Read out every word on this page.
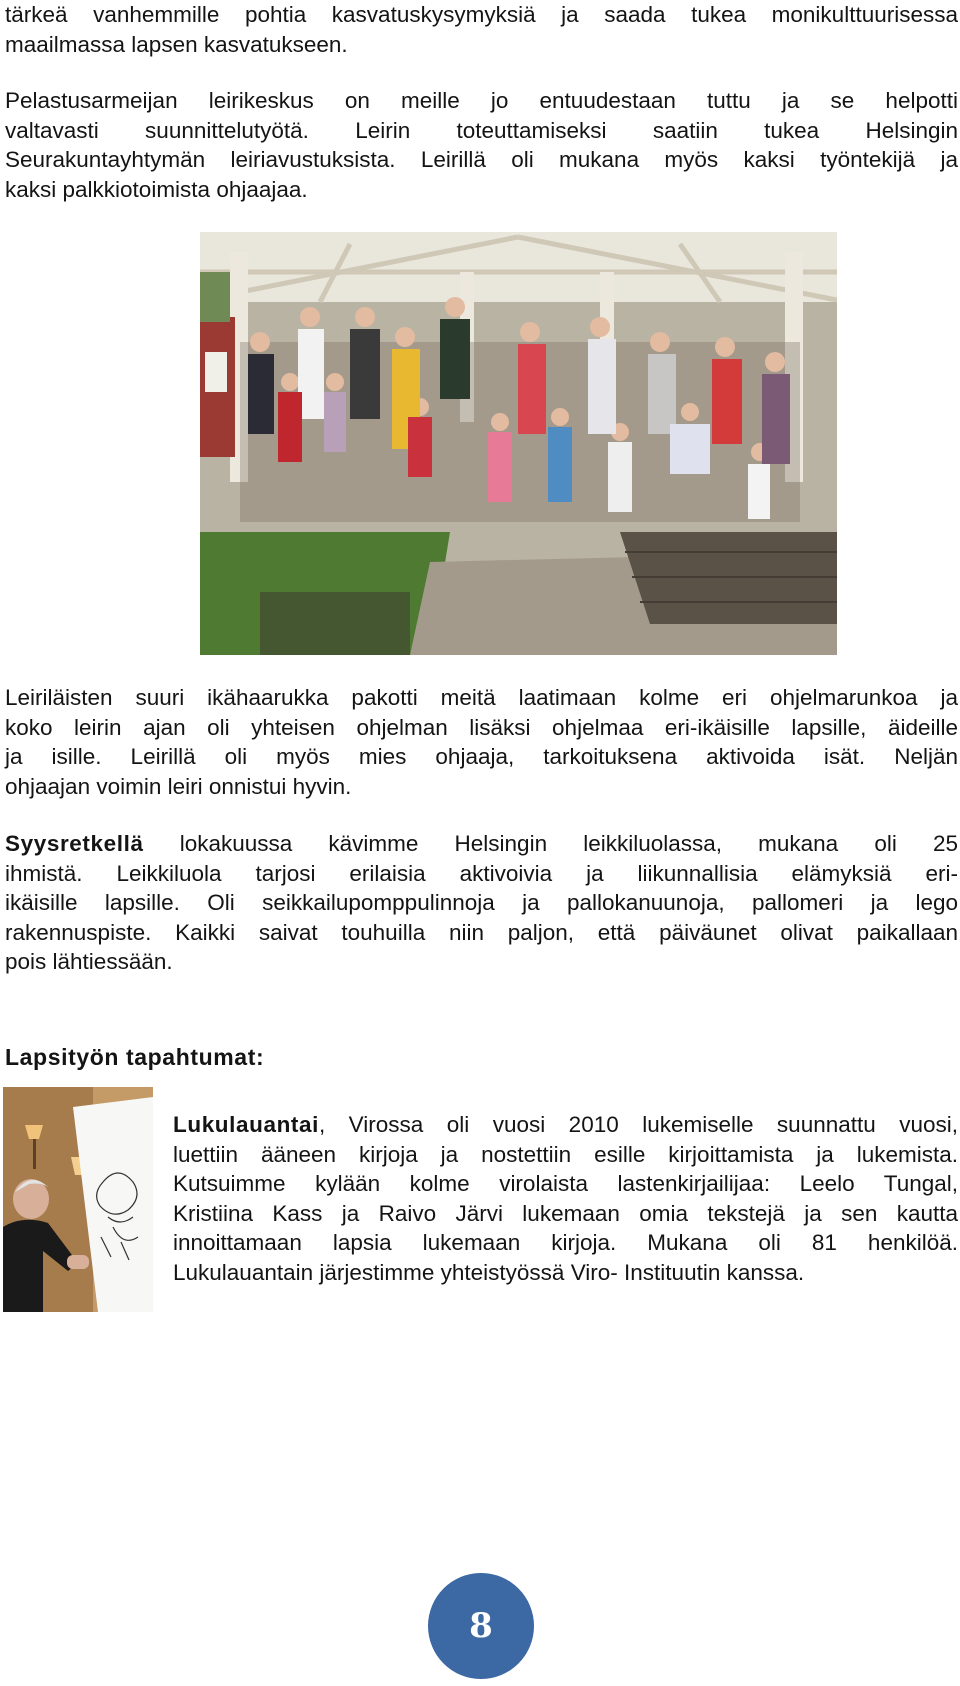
tärkeä vanhemmille pohtia kasvatuskysymyksiä ja saada tukea monikulttuurisessa
maailmassa lapsen kasvatukseen.
Pelastusarmeijan leirikeskus on meille jo entuudestaan tuttu ja se helpotti
valtavasti suunnittelutyötä. Leirin toteuttamiseksi saatiin tukea Helsingin
Seurakuntayhtymän leiriavustuksista. Leirillä oli mukana myös kaksi työntekijä ja
kaksi palkkiotoimista ohjaajaa.
Leiriläisten suuri ikähaarukka pakotti meitä laatimaan kolme eri ohjelmarunkoa ja
koko leirin ajan oli yhteisen ohjelman lisäksi ohjelmaa eri-ikäisille lapsille, äideille
ja isille. Leirillä oli myös mies ohjaaja, tarkoituksena aktivoida isät. Neljän
ohjaajan voimin leiri onnistui hyvin.
Syysretkellä lokakuussa kävimme Helsingin leikkiluolassa, mukana oli 25
ihmistä. Leikkiluola tarjosi erilaisia aktivoivia ja liikunnallisia elämyksiä eri-
ikäisille lapsille. Oli seikkailupomppulinnoja ja pallokanuunoja, pallomeri ja lego
rakennuspiste. Kaikki saivat touhuilla niin paljon, että päiväunet olivat paikallaan
pois lähtiessään.
Lapsityön tapahtumat:
Lukulauantai, Virossa oli vuosi 2010 lukemiselle suunnattu vuosi,
luettiin ääneen kirjoja ja nostettiin esille kirjoittamista ja lukemista.
Kutsuimme kylään kolme virolaista lastenkirjailijaa: Leelo Tungal,
Kristiina Kass ja Raivo Järvi lukemaan omia tekstejä ja sen kautta
innoittamaan lapsia lukemaan kirjoja. Mukana oli 81 henkilöä.
Lukulauantain järjestimme yhteistyössä Viro- Instituutin kanssa.
8
